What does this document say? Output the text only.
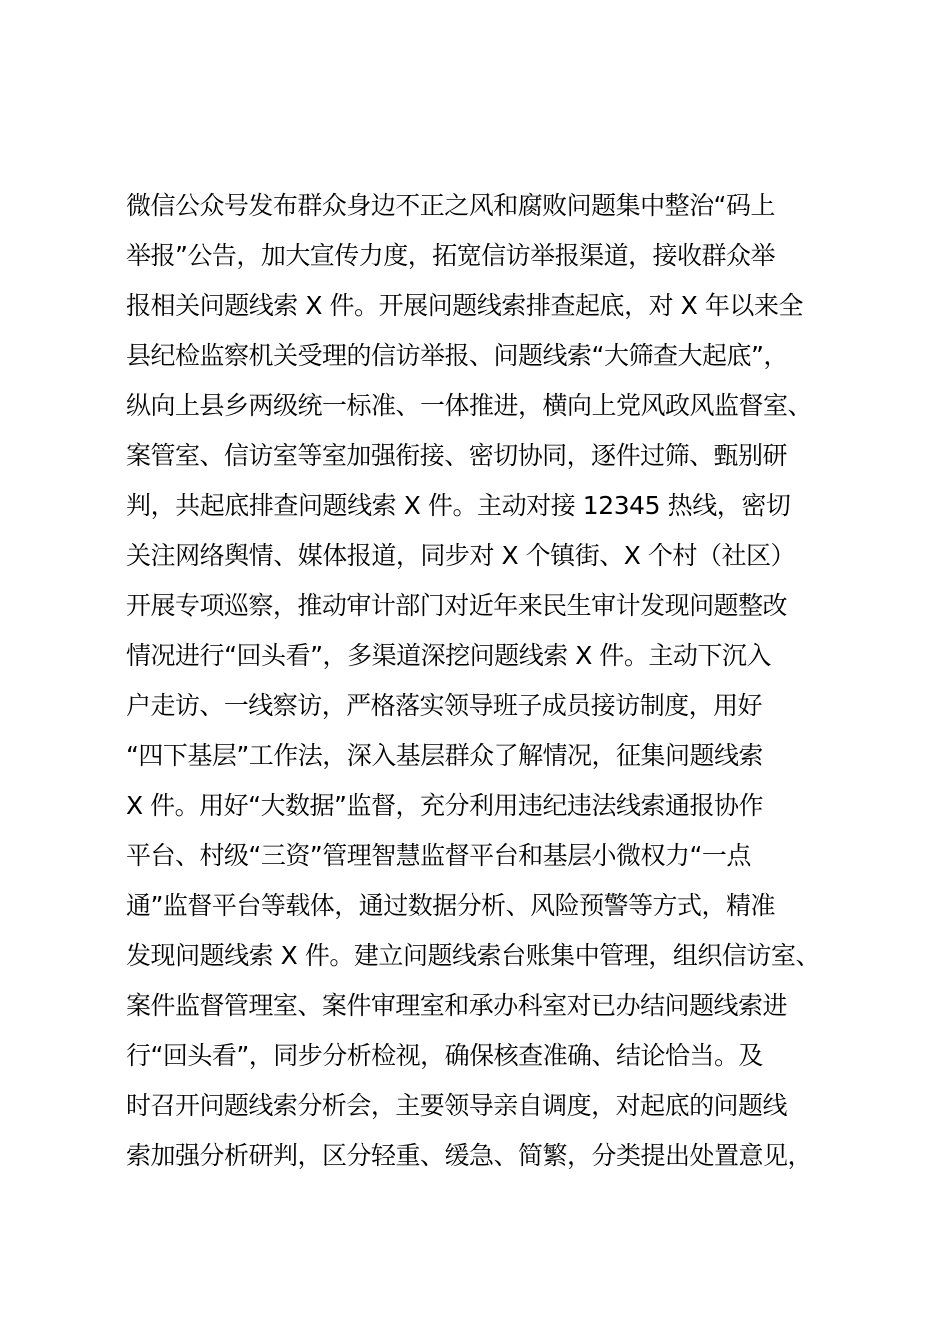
微信公众号发布群众身边不正之风和腐败问题集中整治“码上
举报”公告，加大宣传力度，拓宽信访举报渠道，接收群众举
报相关问题线索 X 件。开展问题线索排查起底，对 X 年以来全
县纪检监察机关受理的信访举报、问题线索“大筛查大起底”，
纵向上县乡两级统一标准、一体推进，横向上党风政风监督室、
案管室、信访室等室加强衔接、密切协同，逐件过筛、甄别研
判，共起底排查问题线索 X 件。主动对接 12345 热线，密切
关注网络舆情、媒体报道，同步对 X 个镇街、X 个村（社区）
开展专项巡察，推动审计部门对近年来民生审计发现问题整改
情况进行“回头看”，多渠道深挖问题线索 X 件。主动下沉入
户走访、一线察访，严格落实领导班子成员接访制度，用好
“四下基层”工作法，深入基层群众了解情况，征集问题线索
X 件。用好“大数据”监督，充分利用违纪违法线索通报协作
平台、村级“三资”管理智慧监督平台和基层小微权力“一点
通”监督平台等载体，通过数据分析、风险预警等方式，精准
发现问题线索 X 件。建立问题线索台账集中管理，组织信访室、
案件监督管理室、案件审理室和承办科室对已办结问题线索进
行“回头看”，同步分析检视，确保核查准确、结论恰当。及
时召开问题线索分析会，主要领导亲自调度，对起底的问题线
索加强分析研判，区分轻重、缓急、简繁，分类提出处置意见，
